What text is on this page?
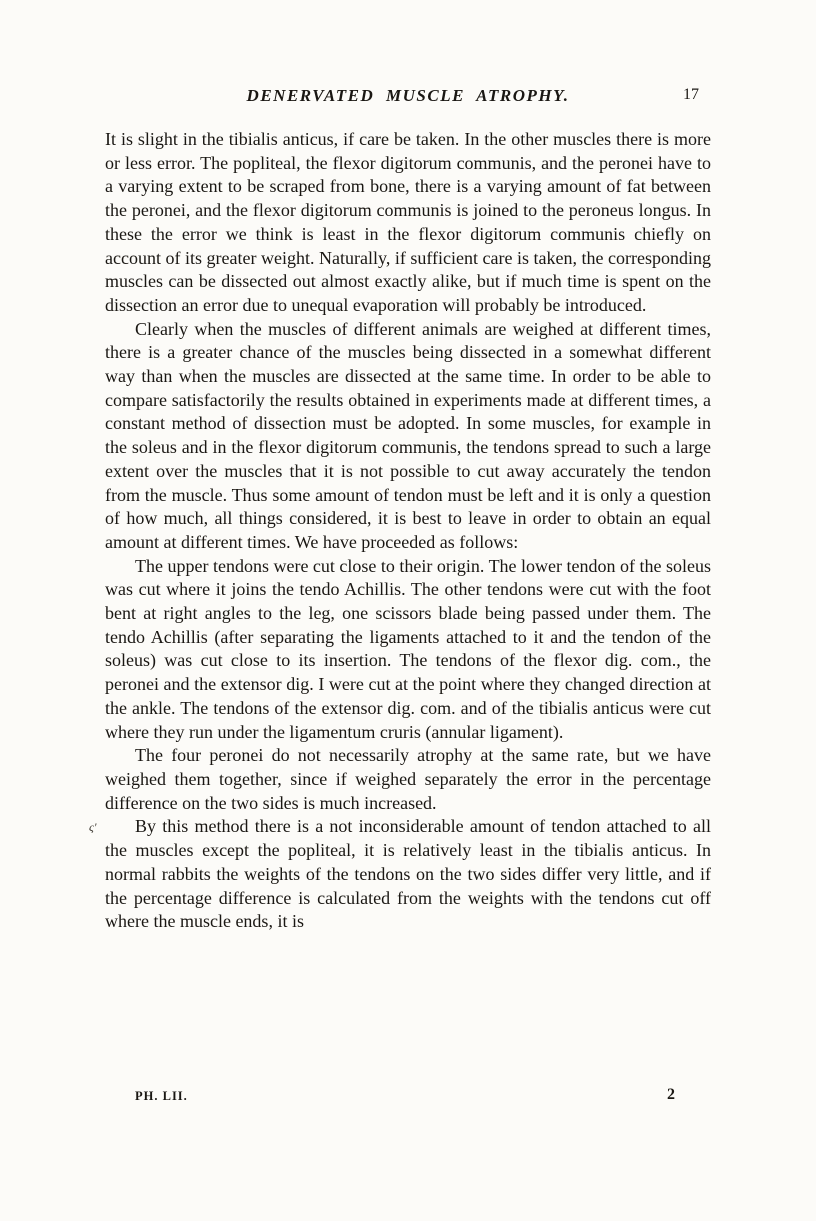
DENERVATED MUSCLE ATROPHY.	17

It is slight in the tibialis anticus, if care be taken. In the other muscles there is more or less error. The popliteal, the flexor digitorum communis, and the peronei have to a varying extent to be scraped from bone, there is a varying amount of fat between the peronei, and the flexor digitorum communis is joined to the peroneus longus. In these the error we think is least in the flexor digitorum communis chiefly on account of its greater weight. Naturally, if sufficient care is taken, the corresponding muscles can be dissected out almost exactly alike, but if much time is spent on the dissection an error due to unequal evaporation will probably be introduced.

Clearly when the muscles of different animals are weighed at different times, there is a greater chance of the muscles being dissected in a somewhat different way than when the muscles are dissected at the same time. In order to be able to compare satisfactorily the results obtained in experiments made at different times, a constant method of dissection must be adopted. In some muscles, for example in the soleus and in the flexor digitorum communis, the tendons spread to such a large extent over the muscles that it is not possible to cut away accurately the tendon from the muscle. Thus some amount of tendon must be left and it is only a question of how much, all things considered, it is best to leave in order to obtain an equal amount at different times. We have proceeded as follows:

The upper tendons were cut close to their origin. The lower tendon of the soleus was cut where it joins the tendo Achillis. The other tendons were cut with the foot bent at right angles to the leg, one scissors blade being passed under them. The tendo Achillis (after separating the ligaments attached to it and the tendon of the soleus) was cut close to its insertion. The tendons of the flexor dig. com., the peronei and the extensor dig. I were cut at the point where they changed direction at the ankle. The tendons of the extensor dig. com. and of the tibialis anticus were cut where they run under the ligamentum cruris (annular ligament).

The four peronei do not necessarily atrophy at the same rate, but we have weighed them together, since if weighed separately the error in the percentage difference on the two sides is much increased.

ς' By this method there is a not inconsiderable amount of tendon attached to all the muscles except the popliteal, it is relatively least in the tibialis anticus. In normal rabbits the weights of the tendons on the two sides differ very little, and if the percentage difference is calculated from the weights with the tendons cut off where the muscle ends, it is

PH. LII.	2
